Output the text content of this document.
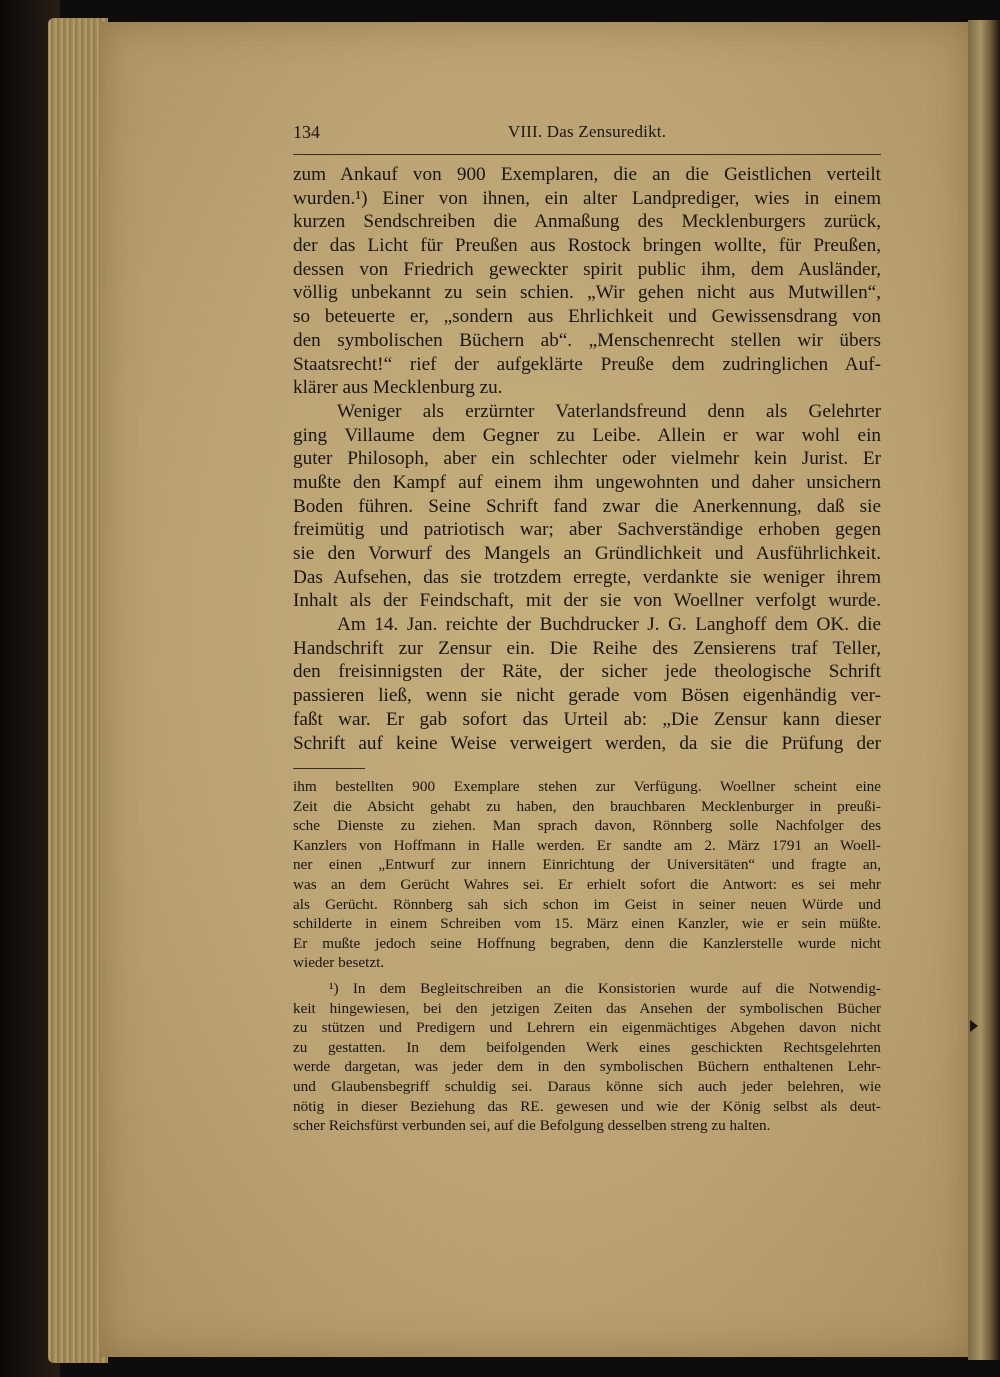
134	VIII. Das Zensuredikt.
zum Ankauf von 900 Exemplaren, die an die Geistlichen verteilt
wurden.¹) Einer von ihnen, ein alter Landprediger, wies in einem
kurzen Sendschreiben die Anmaßung des Mecklenburgers zurück,
der das Licht für Preußen aus Rostock bringen wollte, für Preußen,
dessen von Friedrich geweckter spirit public ihm, dem Ausländer,
völlig unbekannt zu sein schien. „Wir gehen nicht aus Mutwillen“,
so beteuerte er, „sondern aus Ehrlichkeit und Gewissensdrang von
den symbolischen Büchern ab“. „Menschenrecht stellen wir übers
Staatsrecht!“ rief der aufgeklärte Preuße dem zudringlichen Auf-
klärer aus Mecklenburg zu.
Weniger als erzürnter Vaterlandsfreund denn als Gelehrter
ging Villaume dem Gegner zu Leibe. Allein er war wohl ein
guter Philosoph, aber ein schlechter oder vielmehr kein Jurist. Er
mußte den Kampf auf einem ihm ungewohnten und daher unsichern
Boden führen. Seine Schrift fand zwar die Anerkennung, daß sie
freimütig und patriotisch war; aber Sachverständige erhoben gegen
sie den Vorwurf des Mangels an Gründlichkeit und Ausführlichkeit.
Das Aufsehen, das sie trotzdem erregte, verdankte sie weniger ihrem
Inhalt als der Feindschaft, mit der sie von Woellner verfolgt wurde.
Am 14. Jan. reichte der Buchdrucker J. G. Langhoff dem OK. die
Handschrift zur Zensur ein. Die Reihe des Zensierens traf Teller,
den freisinnigsten der Räte, der sicher jede theologische Schrift
passieren ließ, wenn sie nicht gerade vom Bösen eigenhändig ver-
faßt war. Er gab sofort das Urteil ab: „Die Zensur kann dieser
Schrift auf keine Weise verweigert werden, da sie die Prüfung der
ihm bestellten 900 Exemplare stehen zur Verfügung. Woellner scheint eine
Zeit die Absicht gehabt zu haben, den brauchbaren Mecklenburger in preußi-
sche Dienste zu ziehen. Man sprach davon, Rönnberg solle Nachfolger des
Kanzlers von Hoffmann in Halle werden. Er sandte am 2. März 1791 an Woell-
ner einen „Entwurf zur innern Einrichtung der Universitäten“ und fragte an,
was an dem Gerücht Wahres sei. Er erhielt sofort die Antwort: es sei mehr
als Gerücht. Rönnberg sah sich schon im Geist in seiner neuen Würde und
schilderte in einem Schreiben vom 15. März einen Kanzler, wie er sein müßte.
Er mußte jedoch seine Hoffnung begraben, denn die Kanzlerstelle wurde nicht
wieder besetzt.
¹) In dem Begleitschreiben an die Konsistorien wurde auf die Notwendig-
keit hingewiesen, bei den jetzigen Zeiten das Ansehen der symbolischen Bücher
zu stützen und Predigern und Lehrern ein eigenmächtiges Abgehen davon nicht
zu gestatten. In dem beifolgenden Werk eines geschickten Rechtsgelehrten
werde dargetan, was jeder dem in den symbolischen Büchern enthaltenen Lehr-
und Glaubensbegriff schuldig sei. Daraus könne sich auch jeder belehren, wie
nötig in dieser Beziehung das RE. gewesen und wie der König selbst als deut-
scher Reichsfürst verbunden sei, auf die Befolgung desselben streng zu halten.
